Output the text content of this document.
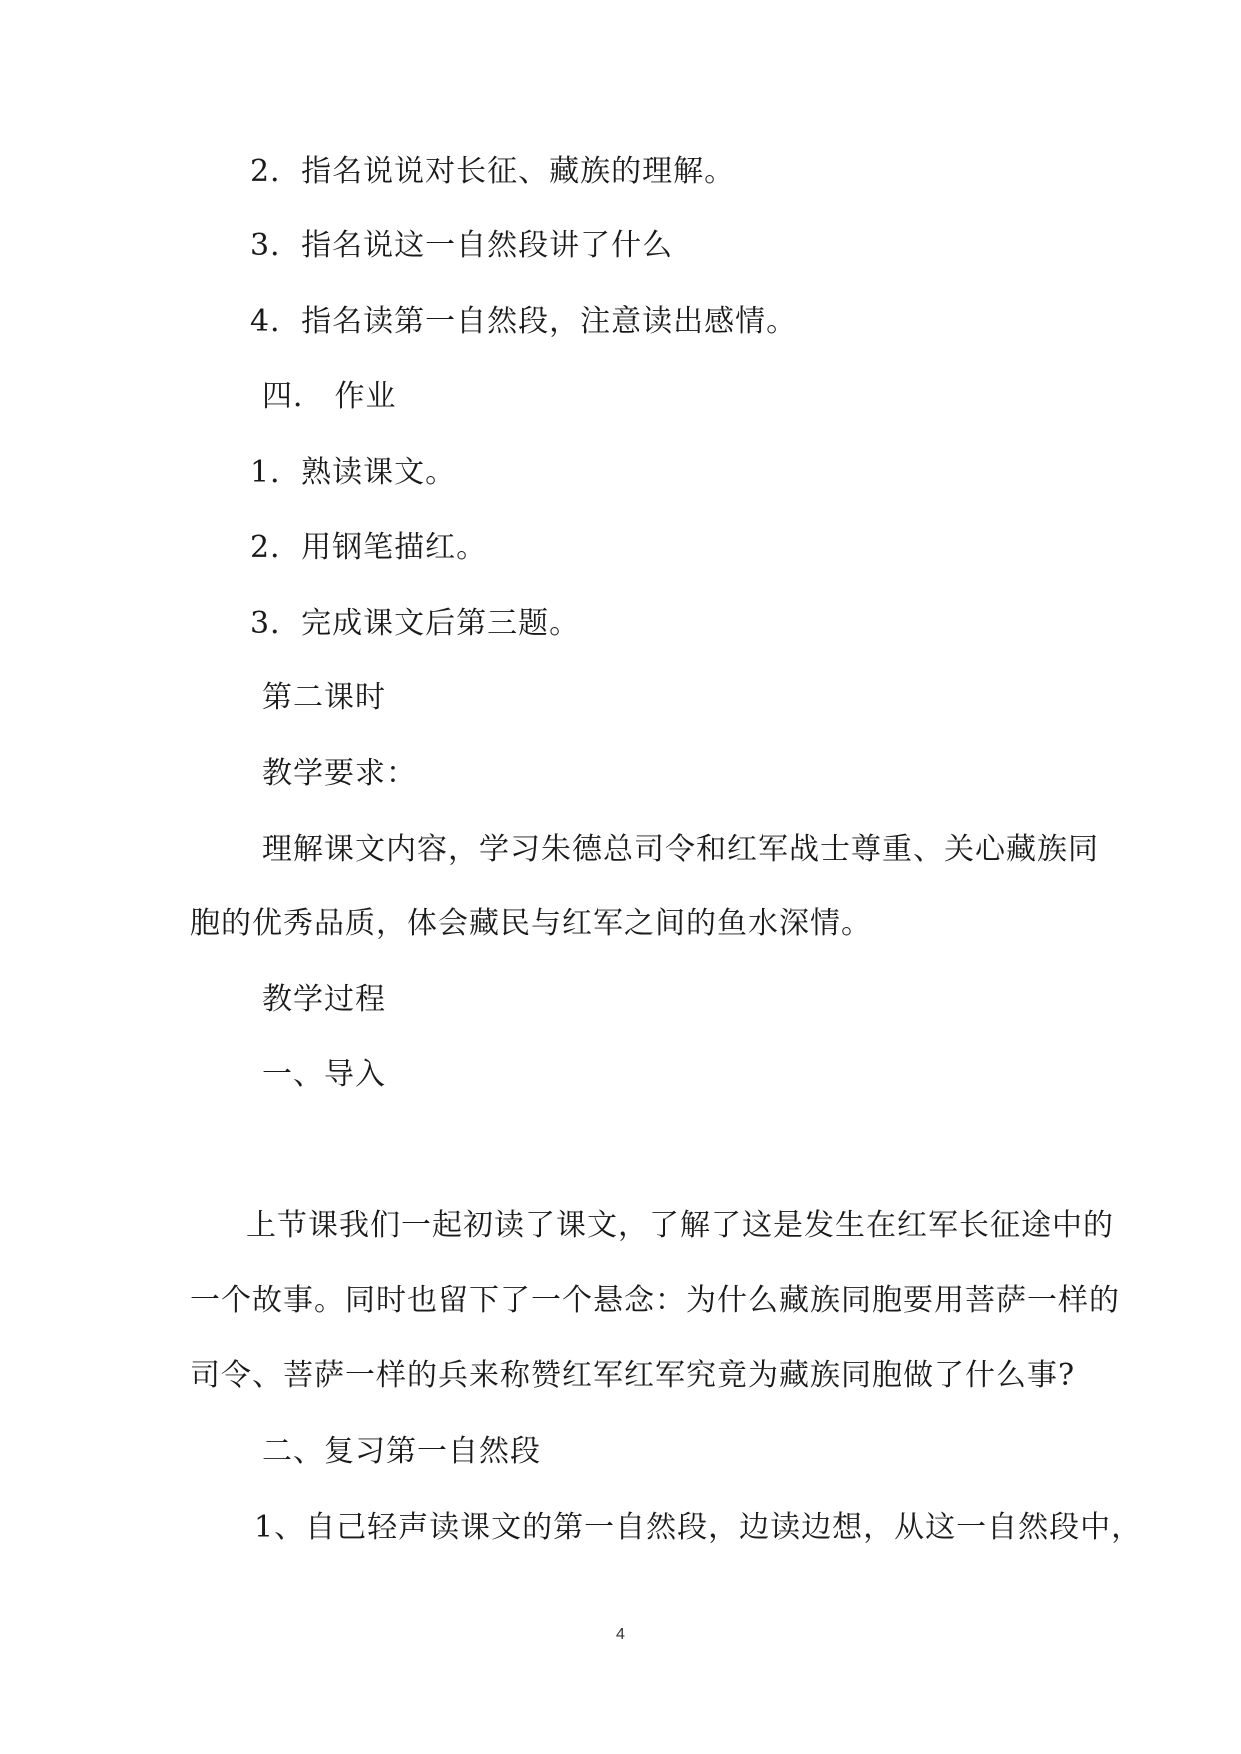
2．指名说说对长征、藏族的理解。
3．指名说这一自然段讲了什么
4．指名读第一自然段，注意读出感情。
四． 作业
1．熟读课文。
2．用钢笔描红。
3．完成课文后第三题。
第二课时
教学要求：
理解课文内容，学习朱德总司令和红军战士尊重、关心藏族同
胞的优秀品质，体会藏民与红军之间的鱼水深情。
教学过程
一、导入
上节课我们一起初读了课文，了解了这是发生在红军长征途中的
一个故事。同时也留下了一个悬念：为什么藏族同胞要用菩萨一样的
司令、菩萨一样的兵来称赞红军红军究竟为藏族同胞做了什么事?
二、复习第一自然段
1、自己轻声读课文的第一自然段，边读边想，从这一自然段中，
4
